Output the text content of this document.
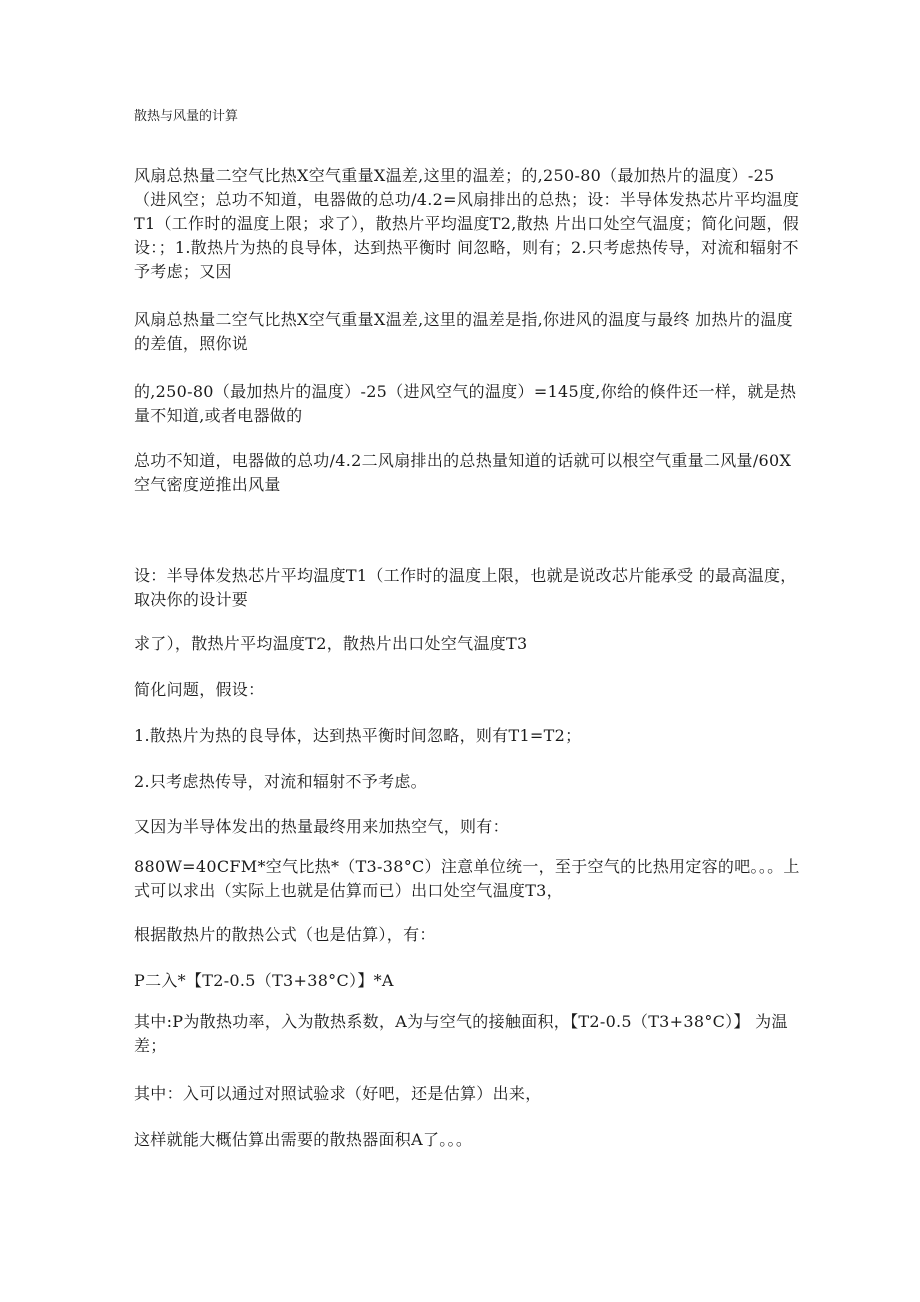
散热与风量的计算

风扇总热量二空气比热X空气重量X温差,这里的温差；的,250-80（最加热片的温度）-25（进风空；总功不知道，电器做的总功/4.2=风扇排出的总热；设：半导体发热芯片平均温度T1（工作时的温度上限；求了），散热片平均温度T2,散热 片出口处空气温度；简化问题，假设：；1.散热片为热的良导体，达到热平衡时 间忽略，则有；2.只考虑热传导，对流和辐射不予考虑；又因

风扇总热量二空气比热X空气重量X温差,这里的温差是指,你进风的温度与最终 加热片的温度的差值，照你说

的,250-80（最加热片的温度）-25（进风空气的温度）=145度,你给的倏件还一样，就是热量不知道,或者电器做的

总功不知道，电器做的总功/4.2二风扇排出的总热量知道的话就可以根空气重量二风量/60X空气密度逆推出风量

设：半导体发热芯片平均温度T1（工作时的温度上限，也就是说改芯片能承受 的最高温度，取决你的设计要

求了），散热片平均温度T2，散热片出口处空气温度T3

简化问题，假设：

1.散热片为热的良导体，达到热平衡时间忽略，则有T1=T2；

2.只考虑热传导，对流和辐射不予考虑。

又因为半导体发出的热量最终用来加热空气，则有：

880W=40CFM*空气比热*（T3-38°C）注意单位统一，至于空气的比热用定容的吧。。。上式可以求出（实际上也就是估算而已）出口处空气温度T3，

根据散热片的散热公式（也是估算），有：

P二入*【T2-0.5（T3+38°C）】*A

其中:P为散热功率，入为散热系数，A为与空气的接触面积，【T2-0.5（T3+38°C）】 为温差；

其中：入可以通过对照试验求（好吧，还是估算）出来，

这样就能大概估算出需要的散热器面积A了。。。
